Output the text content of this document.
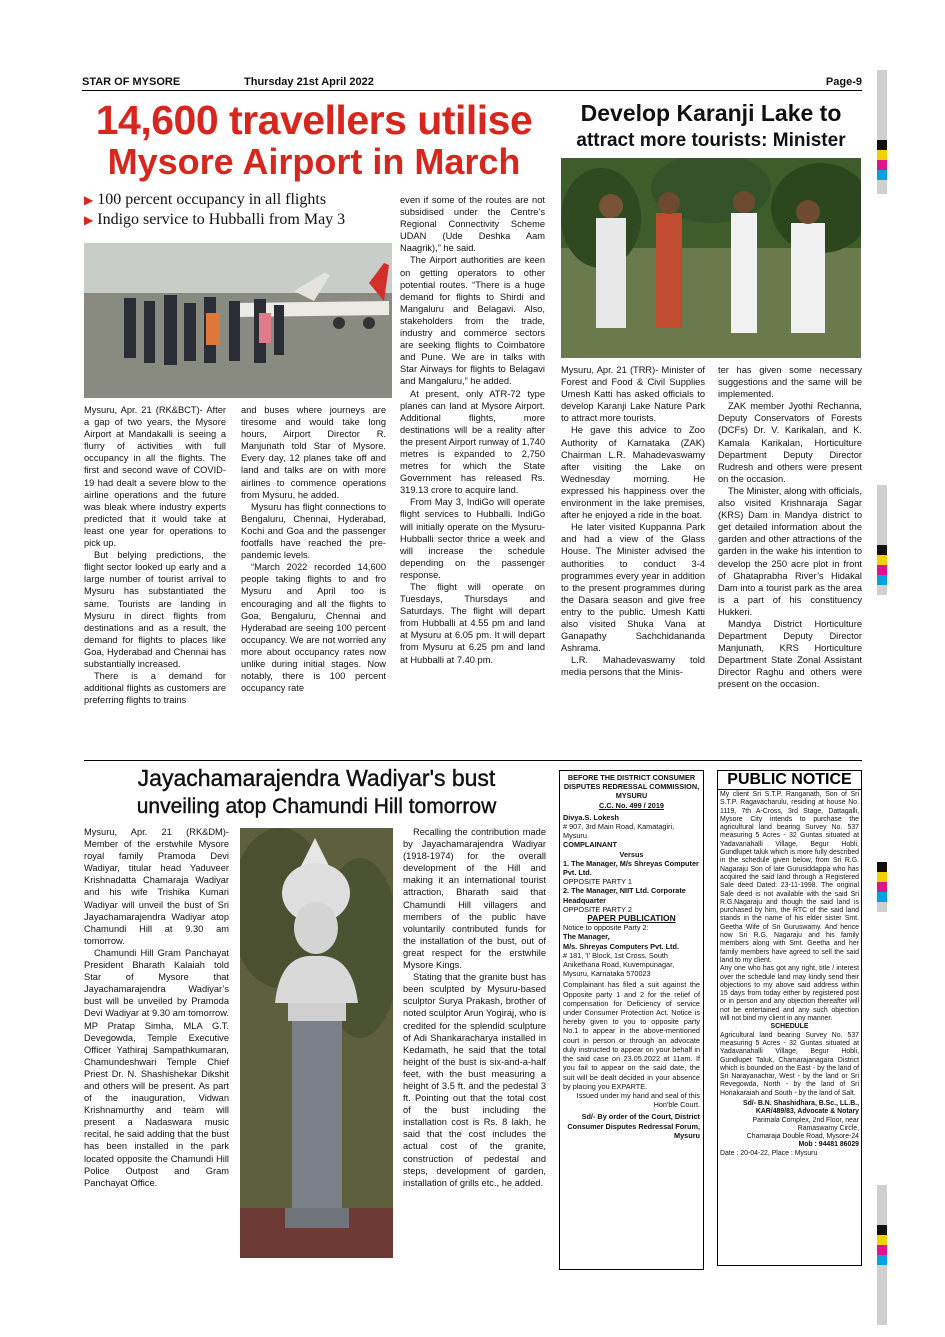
STAR OF MYSORE	Thursday 21st April 2022	Page-9
14,600 travellers utilise
Mysore Airport in March
▶ 100 percent occupancy in all flights
▶ Indigo service to Hubballi from May 3

Mysuru, Apr. 21 (RK&BCT)- After a gap of two years, the Mysore Airport at Mandakalli is seeing a flurry of activities with full occupancy in all the flights. The first and second wave of COVID-19 had dealt a severe blow to the airline operations and the future was bleak where industry experts predicted that it would take at least one year for operations to pick up.

But belying predictions, the flight sector looked up early and a large number of tourist arrival to Mysuru has substantiated the same. Tourists are landing in Mysuru in direct flights from destinations and as a result, the demand for flights to places like Goa, Hyderabad and Chennai has substantially increased.

There is a demand for additional flights as customers are preferring flights to trains

and buses where journeys are tiresome and would take long hours, Airport Director R. Manjunath told Star of Mysore. Every day, 12 planes take off and land and talks are on with more airlines to commence operations from Mysuru, he added.

Mysuru has flight connections to Bengaluru, Chennai, Hyderabad, Kochi and Goa and the passenger footfalls have reached the pre-pandemic levels.

“March 2022 recorded 14,600 people taking flights to and fro Mysuru and April too is encouraging and all the flights to Goa, Bengaluru, Chennai and Hyderabad are seeing 100 percent occupancy. We are not worried any more about occupancy rates now unlike during initial stages. Now notably, there is 100 percent occupancy rate

even if some of the routes are not subsidised under the Centre’s Regional Connectivity Scheme UDAN (Ude Deshka Aam Naagrik),” he said.

The Airport authorities are keen on getting operators to other potential routes. “There is a huge demand for flights to Shirdi and Mangaluru and Belagavi. Also, stakeholders from the trade, industry and commerce sectors are seeking flights to Coimbatore and Pune. We are in talks with Star Airways for flights to Belagavi and Mangaluru,” he added.

At present, only ATR-72 type planes can land at Mysore Airport. Additional flights, more destinations will be a reality after the present Airport runway of 1,740 metres is expanded to 2,750 metres for which the State Government has released Rs. 319.13 crore to acquire land.

From May 3, IndiGo will operate flight services to Hubballi. IndiGo will initially operate on the Mysuru-Hubballi sector thrice a week and will increase the schedule depending on the passenger response.

The flight will operate on Tuesdays, Thursdays and Saturdays. The flight will depart from Hubballi at 4.55 pm and land at Mysuru at 6.05 pm. It will depart from Mysuru at 6.25 pm and land at Hubballi at 7.40 pm.

Develop Karanji Lake to
attract more tourists: Minister

Mysuru, Apr. 21 (TRR)- Minister of Forest and Food & Civil Supplies Umesh Katti has asked officials to develop Karanji Lake Nature Park to attract more tourists.

He gave this advice to Zoo Authority of Karnataka (ZAK) Chairman L.R. Mahadevaswamy after visiting the Lake on Wednesday morning. He expressed his happiness over the environment in the lake premises, after he enjoyed a ride in the boat.

He later visited Kuppanna Park and had a view of the Glass House. The Minister advised the authorities to conduct 3-4 programmes every year in addition to the present programmes during the Dasara season and give free entry to the public. Umesh Katti also visited Shuka Vana at Ganapathy Sachchidananda Ashrama.

L.R. Mahadevaswamy told media persons that the Minis-

ter has given some necessary suggestions and the same will be implemented.

ZAK member Jyothi Rechanna, Deputy Conservators of Forests (DCFs) Dr. V. Karikalan, and K. Kamala Karikalan, Horticulture Department Deputy Director Rudresh and others were present on the occasion.

The Minister, along with officials, also visited Krishnaraja Sagar (KRS) Dam in Mandya district to get detailed information about the garden and other attractions of the garden in the wake his intention to develop the 250 acre plot in front of Ghataprabha River’s Hidakal Dam into a tourist park as the area is a part of his constituency Hukkeri.

Mandya District Horticulture Department Deputy Director Manjunath, KRS Horticulture Department State Zonal Assistant Director Raghu and others were present on the occasion.

Jayachamarajendra Wadiyar's bust
unveiling atop Chamundi Hill tomorrow

Mysuru, Apr. 21 (RK&DM)- Member of the erstwhile Mysore royal family Pramoda Devi Wadiyar, titular head Yaduveer Krishnadatta Chamaraja Wadiyar and his wife Trishika Kumari Wadiyar will unveil the bust of Sri Jayachamarajendra Wadiyar atop Chamundi Hill at 9.30 am tomorrow.

Chamundi Hill Gram Panchayat President Bharath Kalaiah told Star of Mysore that Jayachamarajendra Wadiyar’s bust will be unveiled by Pramoda Devi Wadiyar at 9.30 am tomorrow. MP Pratap Simha, MLA G.T. Devegowda, Temple Executive Officer Yathiraj Sampathkumaran, Chamundeshwari Temple Chief Priest Dr. N. Shashishekar Dikshit and others will be present. As part of the inauguration, Vidwan Krishnamurthy and team will present a Nadaswara music recital, he said adding that the bust has been installed in the park located opposite the Chamundi Hill Police Outpost and Gram Panchayat Office.

Recalling the contribution made by Jayachamarajendra Wadiyar (1918-1974) for the overall development of the Hill and making it an international tourist attraction, Bharath said that Chamundi Hill villagers and members of the public have voluntarily contributed funds for the installation of the bust, out of great respect for the erstwhile Mysore Kings.

Stating that the granite bust has been sculpted by Mysuru-based sculptor Surya Prakash, brother of noted sculptor Arun Yogiraj, who is credited for the splendid sculpture of Adi Shankaracharya installed in Kedarnath, he said that the total height of the bust is six-and-a-half feet, with the bust measuring a height of 3.5 ft. and the pedestal 3 ft. Pointing out that the total cost of the bust including the installation cost is Rs. 8 lakh, he said that the cost includes the actual cost of the granite, construction of pedestal and steps, development of garden, installation of grills etc., he added.

BEFORE THE DISTRICT CONSUMER DISPUTES REDRESSAL COMMISSION, MYSURU
C.C. No. 499 / 2019
Divya.S. Lokesh
# 907, 3rd Main Road, Kamatagiri, Mysuru
COMPLAINANT
Versus
1. The Manager, M/s Shreyas Computer Pvt. Ltd.
OPPOSITE PARTY 1
2. The Manager, NIIT Ltd. Corporate Headquarter
OPPOSITE PARTY 2
PAPER PUBLICATION
Notice to opposite Party 2:
The Manager,
M/s. Shreyas Computers Pvt. Ltd.
# 181, 'I' Block, 1st Cross, South Anikethana Road, Kuvempunagar, Mysuru, Karnataka 570023
Complainant has filed a suit against the Opposite party 1 and 2 for the relief of compensation for Deficiency of service under Consumer Protection Act. Notice is hereby given to you to opposite party No.1 to appear in the above-mentioned court in person or through an advocate duly instructed to appear on your behalf in the said case on 23.05.2022 at 11am. If you fail to appear on the said date, the suit will be dealt decided in your absence by placing you EXPARTE.
Issued under my hand and seal of this Hon'ble Court.
Sd/- By order of the Court, District Consumer Disputes Redressal Forum, Mysuru
PUBLIC NOTICE
My client Sri S.T.P. Ranganath, Son of Sri S.T.P. Ragavacharulu, residing at house No. 1119, 7th A-Cross, 3rd Stage, Dattagalli, Mysore City intends to purchase the agricultural land bearing Survey No. 537 measuring 5 Acres - 32 Guntas situated at Yadavanahalli Village, Begur Hobli, Gundlupet taluk which is more fully described in the schedule given below, from Sri R.G. Nagaraju Son of late Gurusiddappa who has acquired the said land through a Registered Sale deed Dated: 23-11-1998. The original Sale deed is not available with the said Sri R.G.Nagaraju and though the said land is purchased by him, the RTC of the said land stands in the name of his elder sister Smt. Geetha Wife of Sri Guruswamy. And hence now Sri R.G. Nagaraju and his family members along with Smt. Geetha and her family members have agreed to sell the said land to my client.
Any one who has got any right, title / interest over the schedule land may kindly send their objections to my above said address within 15 days from today either by registered post or in person and any objection thereafter will not be entertained and any such objection will not bind my client in any manner.
SCHEDULE
Agricultural land bearing Survey No. 537 measuring 5 Acres - 32 Guntas situated at Yadavanahalli Village, Begur Hobli, Gundlupet Taluk, Chamarajanagara District which is bounded on the East - by the land of Sri Narayanachar, West - by the land or Sri Revegowda, North - by the land of Sri Honakaraiah and South - by the land of Salt.
Sd/- B.N. Shashidhara, B.Sc., LL.B.,
KAR/489/83, Advocate & Notary
Parimala Complex, 2nd Floor, near
Ramaswamy Circle,
Chamaraja Double Road, Mysore-24
Mob : 94481 86029
Date : 20-04-22, Place : Mysuru
